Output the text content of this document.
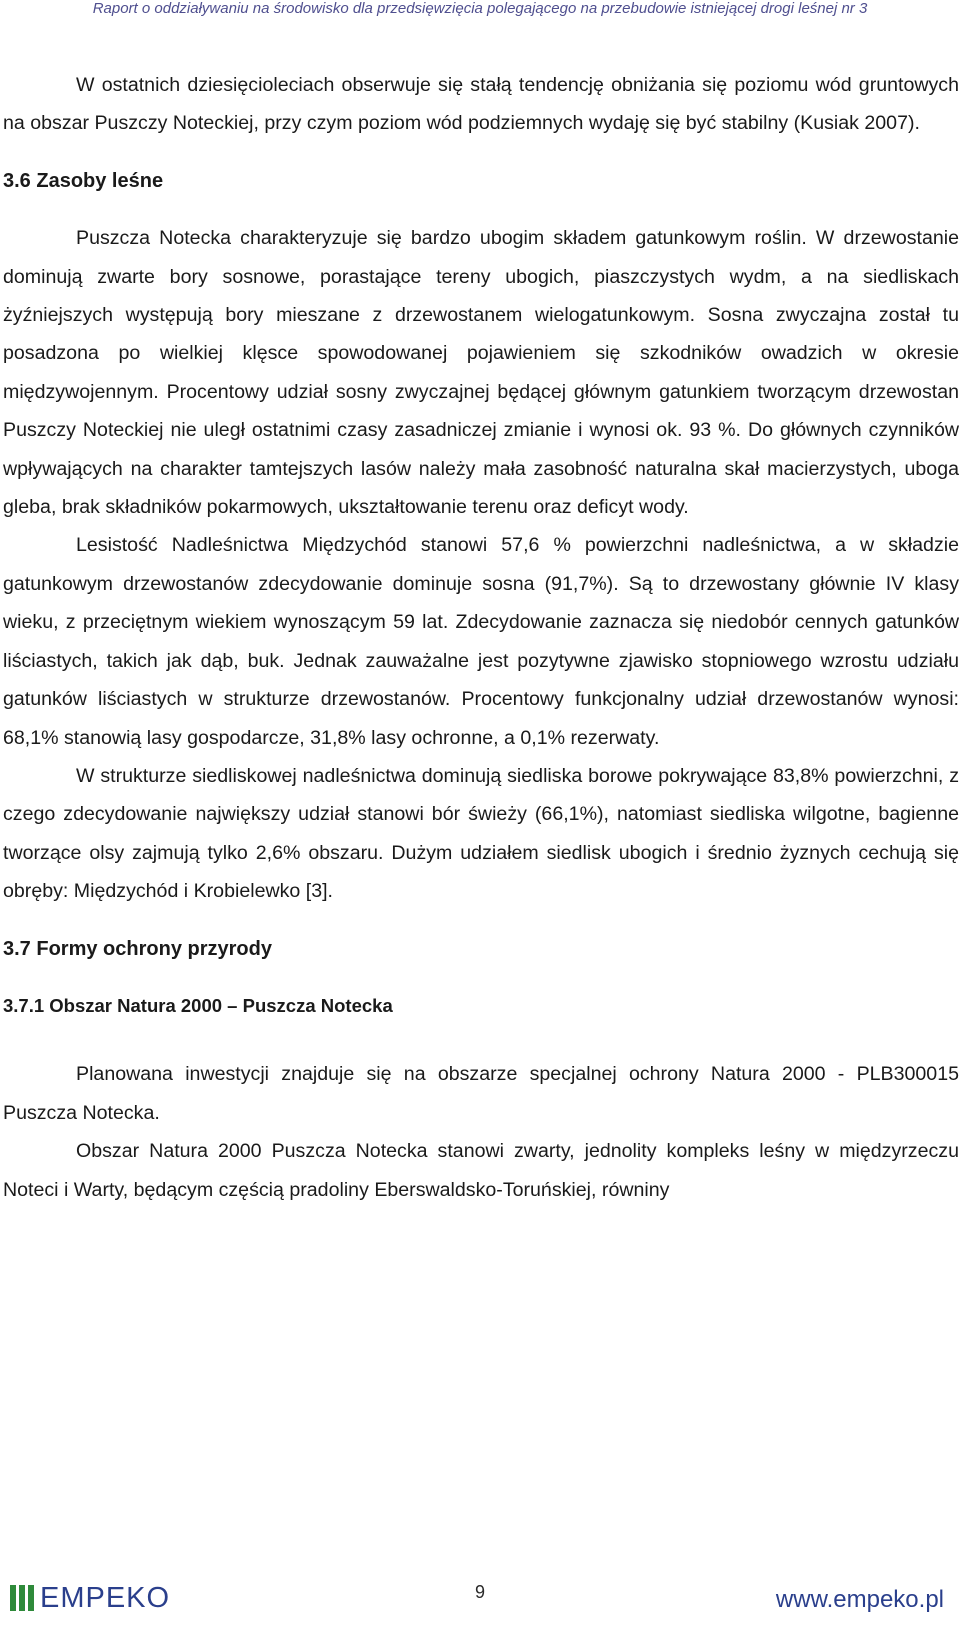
Raport o oddziaływaniu na środowisko dla przedsięwzięcia polegającego na przebudowie istniejącej drogi leśnej nr 3

W ostatnich dziesięcioleciach obserwuje się stałą tendencję obniżania się poziomu wód gruntowych na obszar Puszczy Noteckiej, przy czym poziom wód podziemnych wydaję się być stabilny (Kusiak 2007).

3.6 Zasoby leśne

Puszcza Notecka charakteryzuje się bardzo ubogim składem gatunkowym roślin. W drzewostanie dominują zwarte bory sosnowe, porastające tereny ubogich, piaszczystych wydm, a na siedliskach żyźniejszych występują bory mieszane z drzewostanem wielogatunkowym. Sosna zwyczajna został tu posadzona po wielkiej klęsce spowodowanej pojawieniem się szkodników owadzich w okresie międzywojennym. Procentowy udział sosny zwyczajnej będącej głównym gatunkiem tworzącym drzewostan Puszczy Noteckiej nie uległ ostatnimi czasy zasadniczej zmianie i wynosi ok. 93 %. Do głównych czynników wpływających na charakter tamtejszych lasów należy mała zasobność naturalna skał macierzystych, uboga gleba, brak składników pokarmowych, ukształtowanie terenu oraz deficyt wody.

Lesistość Nadleśnictwa Międzychód stanowi 57,6 % powierzchni nadleśnictwa, a w składzie gatunkowym drzewostanów zdecydowanie dominuje sosna (91,7%). Są to drzewostany głównie IV klasy wieku, z przeciętnym wiekiem wynoszącym 59 lat. Zdecydowanie zaznacza się niedobór cennych gatunków liściastych, takich jak dąb, buk. Jednak zauważalne jest pozytywne zjawisko stopniowego wzrostu udziału gatunków liściastych w strukturze drzewostanów. Procentowy funkcjonalny udział drzewostanów wynosi: 68,1% stanowią lasy gospodarcze, 31,8% lasy ochronne, a 0,1% rezerwaty.

W strukturze siedliskowej nadleśnictwa dominują siedliska borowe pokrywające 83,8% powierzchni, z czego zdecydowanie największy udział stanowi bór świeży (66,1%), natomiast siedliska wilgotne, bagienne tworzące olsy zajmują tylko 2,6% obszaru. Dużym udziałem siedlisk ubogich i średnio żyznych cechują się obręby: Międzychód i Krobielewko [3].

3.7 Formy ochrony przyrody
3.7.1 Obszar Natura 2000 – Puszcza Notecka

Planowana inwestycji znajduje się na obszarze specjalnej ochrony Natura 2000 - PLB300015 Puszcza Notecka.

Obszar Natura 2000 Puszcza Notecka stanowi zwarty, jednolity kompleks leśny w międzyrzeczu Noteci i Warty, będącym częścią pradoliny Eberswaldsko-Toruńskiej, równiny

EMPEKO	9	www.empeko.pl
